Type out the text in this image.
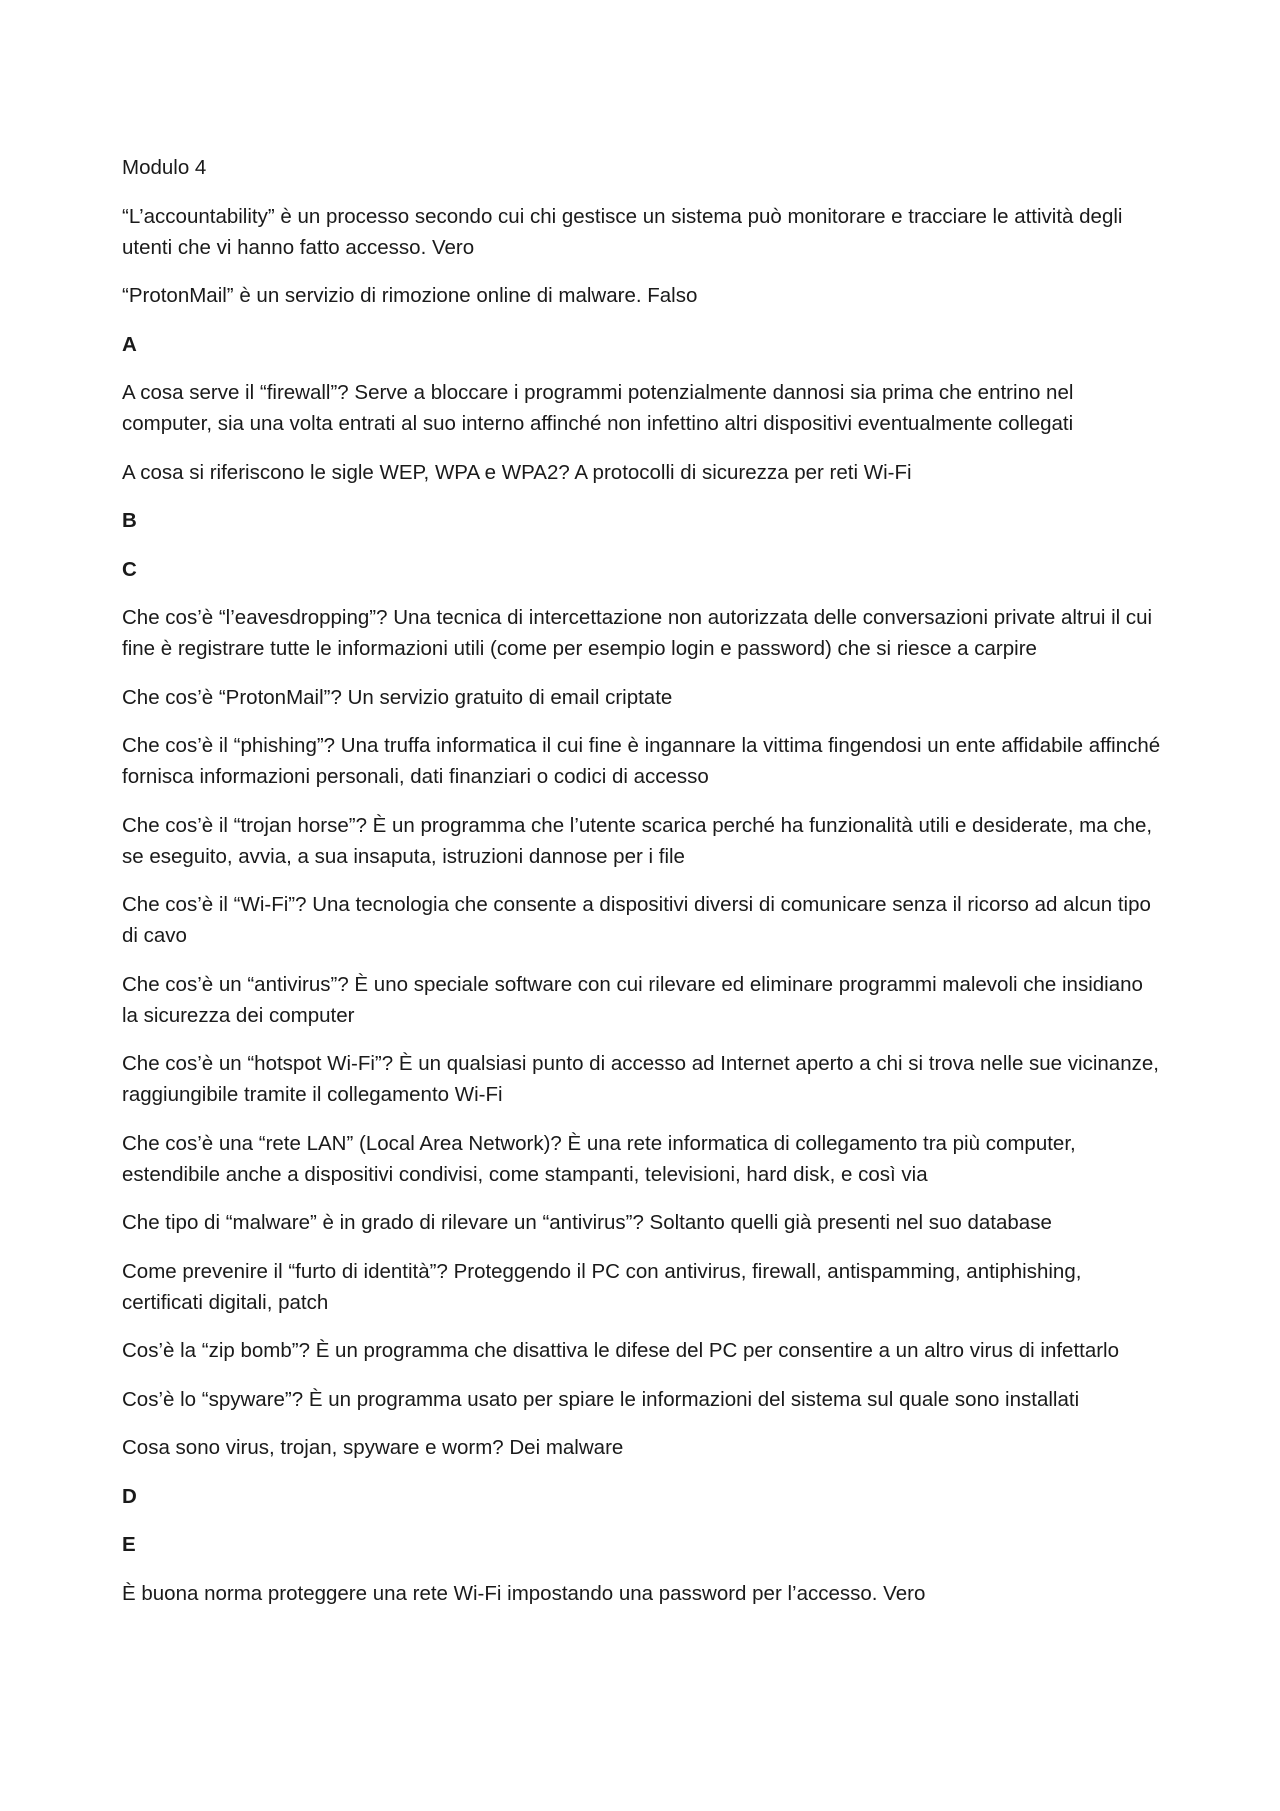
Modulo 4

“L’accountability” è un processo secondo cui chi gestisce un sistema può monitorare e tracciare le attività degli utenti che vi hanno fatto accesso. Vero

“ProtonMail” è un servizio di rimozione online di malware. Falso

A

A cosa serve il “firewall”? Serve a bloccare i programmi potenzialmente dannosi sia prima che entrino nel computer, sia una volta entrati al suo interno affinché non infettino altri dispositivi eventualmente collegati

A cosa si riferiscono le sigle WEP, WPA e WPA2? A protocolli di sicurezza per reti Wi-Fi

B

C

Che cos’è “l’eavesdropping”? Una tecnica di intercettazione non autorizzata delle conversazioni private altrui il cui fine è registrare tutte le informazioni utili (come per esempio login e password) che si riesce a carpire

Che cos’è “ProtonMail”? Un servizio gratuito di email criptate

Che cos’è il “phishing”? Una truffa informatica il cui fine è ingannare la vittima fingendosi un ente affidabile affinché fornisca informazioni personali, dati finanziari o codici di accesso

Che cos’è il “trojan horse”? È un programma che l’utente scarica perché ha funzionalità utili e desiderate, ma che, se eseguito, avvia, a sua insaputa, istruzioni dannose per i file

Che cos’è il “Wi-Fi”? Una tecnologia che consente a dispositivi diversi di comunicare senza il ricorso ad alcun tipo di cavo

Che cos’è un “antivirus”? È uno speciale software con cui rilevare ed eliminare programmi malevoli che insidiano la sicurezza dei computer

Che cos’è un “hotspot Wi-Fi”? È un qualsiasi punto di accesso ad Internet aperto a chi si trova nelle sue vicinanze, raggiungibile tramite il collegamento Wi-Fi

Che cos’è una “rete LAN” (Local Area Network)? È una rete informatica di collegamento tra più computer, estendibile anche a dispositivi condivisi, come stampanti, televisioni, hard disk, e così via

Che tipo di “malware” è in grado di rilevare un “antivirus”? Soltanto quelli già presenti nel suo database

Come prevenire il “furto di identità”? Proteggendo il PC con antivirus, firewall, antispamming, antiphishing, certificati digitali, patch

Cos’è la “zip bomb”? È un programma che disattiva le difese del PC per consentire a un altro virus di infettarlo

Cos’è lo “spyware”? È un programma usato per spiare le informazioni del sistema sul quale sono installati

Cosa sono virus, trojan, spyware e worm? Dei malware

D

E

È buona norma proteggere una rete Wi-Fi impostando una password per l’accesso. Vero
